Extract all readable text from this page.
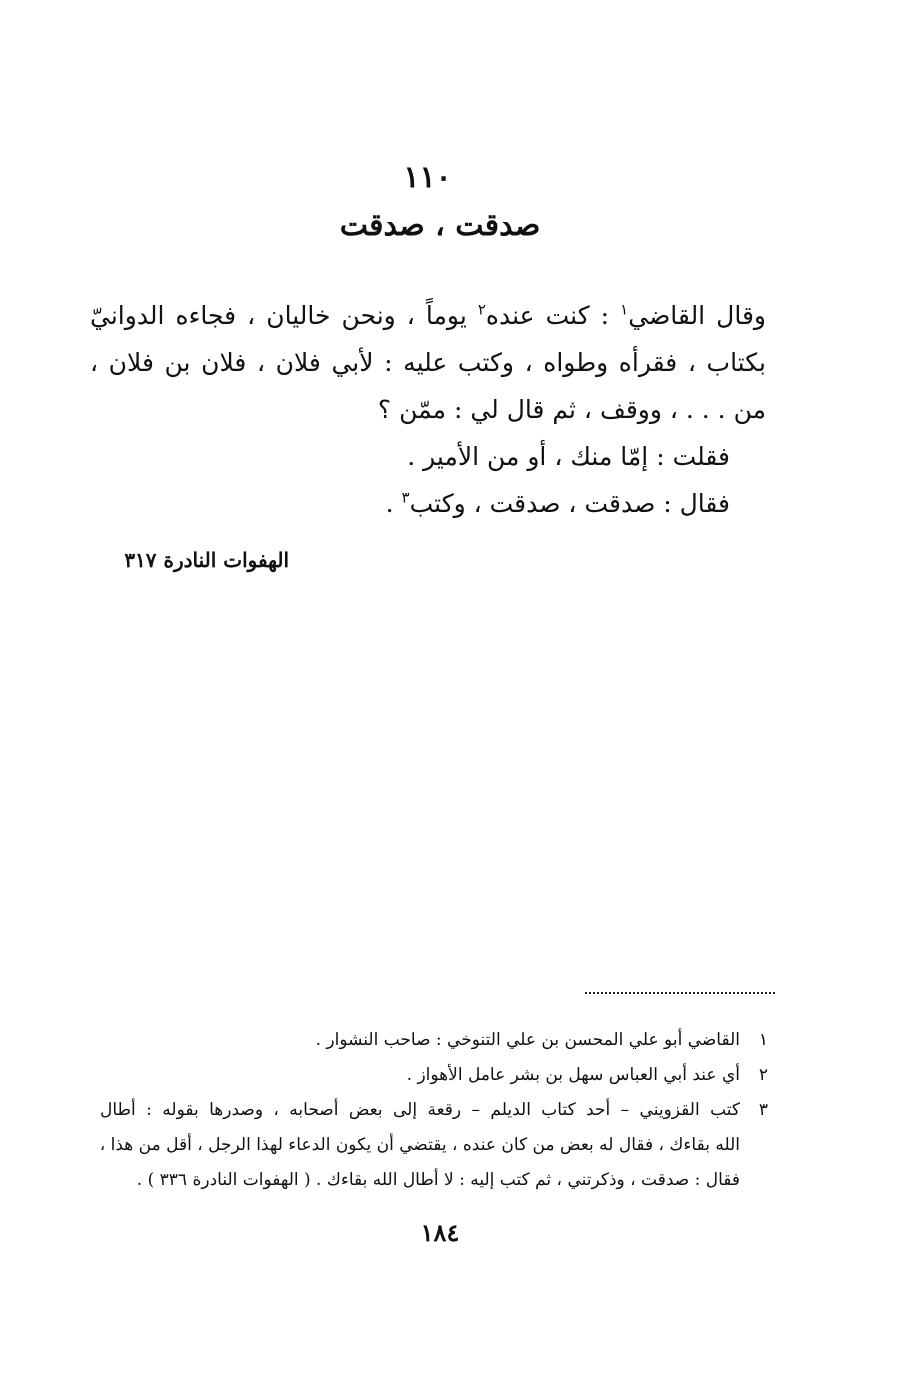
١١٠
صدقت ، صدقت
وقال القاضي$^١$ : كنت عنده$^٢$ يوماً ، ونحن خاليان ، فجاءه الدوانيّ
بكتاب ، فقرأه وطواه ، وكتب عليه : لأبي فلان ، فلان بن فلان ،
من . . . ، ووقف ، ثم قال لي : ممّن ؟
فقلت : إمّا منك ، أو من الأمير .
فقال : صدقت ، صدقت ، وكتب$^٣$ .
الهفوات النادرة ٣١٧
١القاضي أبو علي المحسن بن علي التنوخي : صاحب النشوار .
٢أي عند أبي العباس سهل بن بشر عامل الأهواز .
٣كتب القزويني – أحد كتاب الديلم – رقعة إلى بعض أصحابه ، وصدرها بقوله : أطال
الله بقاءك ، فقال له بعض من كان عنده ، يقتضي أن يكون الدعاء لهذا الرجل ، أقل من هذا ،
فقال : صدقت ، وذكرتني ، ثم كتب إليه : لا أطال الله بقاءك . ( الهفوات النادرة ٣٣٦ ) .
١٨٤
